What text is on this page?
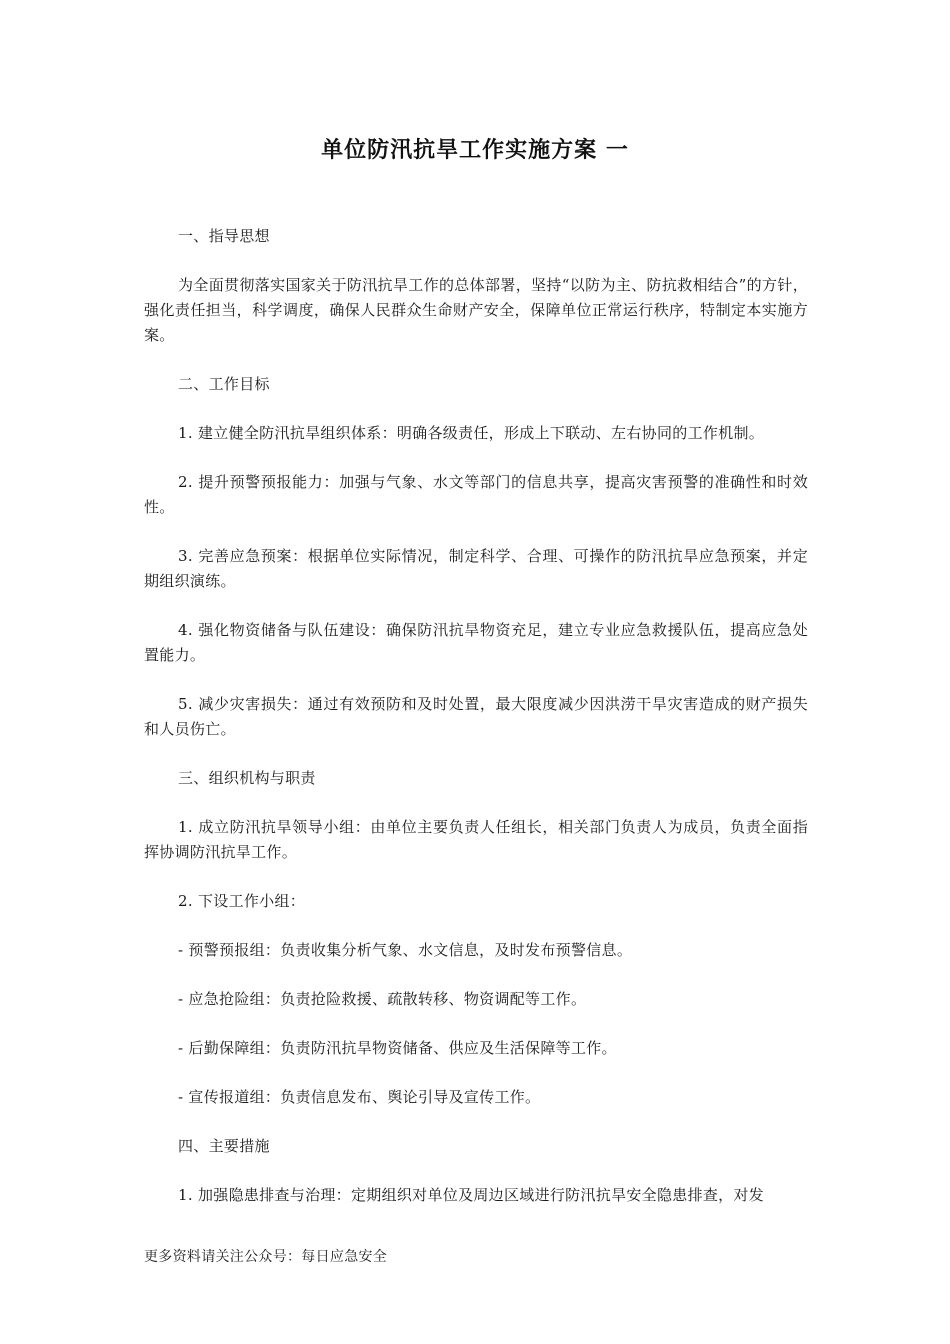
单位防汛抗旱工作实施方案 一

一、指导思想

为全面贯彻落实国家关于防汛抗旱工作的总体部署，坚持“以防为主、防抗救相结合”的方针，强化责任担当，科学调度，确保人民群众生命财产安全，保障单位正常运行秩序，特制定本实施方案。

二、工作目标

1. 建立健全防汛抗旱组织体系：明确各级责任，形成上下联动、左右协同的工作机制。

2. 提升预警预报能力：加强与气象、水文等部门的信息共享，提高灾害预警的准确性和时效性。

3. 完善应急预案：根据单位实际情况，制定科学、合理、可操作的防汛抗旱应急预案，并定期组织演练。

4. 强化物资储备与队伍建设：确保防汛抗旱物资充足，建立专业应急救援队伍，提高应急处置能力。

5. 减少灾害损失：通过有效预防和及时处置，最大限度减少因洪涝干旱灾害造成的财产损失和人员伤亡。

三、组织机构与职责

1. 成立防汛抗旱领导小组：由单位主要负责人任组长，相关部门负责人为成员，负责全面指挥协调防汛抗旱工作。

2. 下设工作小组：

- 预警预报组：负责收集分析气象、水文信息，及时发布预警信息。

- 应急抢险组：负责抢险救援、疏散转移、物资调配等工作。

- 后勤保障组：负责防汛抗旱物资储备、供应及生活保障等工作。

- 宣传报道组：负责信息发布、舆论引导及宣传工作。

四、主要措施

1. 加强隐患排查与治理：定期组织对单位及周边区域进行防汛抗旱安全隐患排查，对发

更多资料请关注公众号：每日应急安全
